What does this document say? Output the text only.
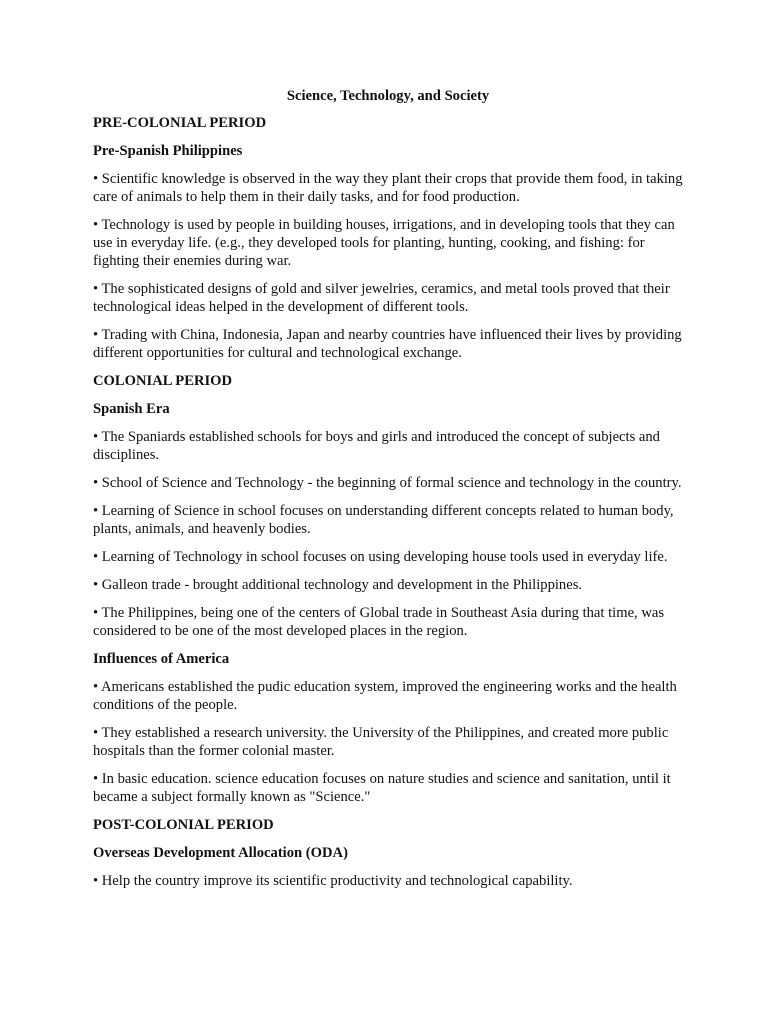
Science, Technology, and Society
PRE-COLONIAL PERIOD
Pre-Spanish Philippines

• Scientific knowledge is observed in the way they plant their crops that provide them food, in taking care of animals to help them in their daily tasks, and for food production.

• Technology is used by people in building houses, irrigations, and in developing tools that they can use in everyday life. (e.g., they developed tools for planting, hunting, cooking, and fishing: for fighting their enemies during war.

• The sophisticated designs of gold and silver jewelries, ceramics, and metal tools proved that their technological ideas helped in the development of different tools.

• Trading with China, Indonesia, Japan and nearby countries have influenced their lives by providing different opportunities for cultural and technological exchange.

COLONIAL PERIOD
Spanish Era

• The Spaniards established schools for boys and girls and introduced the concept of subjects and disciplines.

• School of Science and Technology - the beginning of formal science and technology in the country.

• Learning of Science in school focuses on understanding different concepts related to human body, plants, animals, and heavenly bodies.

• Learning of Technology in school focuses on using developing house tools used in everyday life.

• Galleon trade - brought additional technology and development in the Philippines.

• The Philippines, being one of the centers of Global trade in Southeast Asia during that time, was considered to be one of the most developed places in the region.

Influences of America

• Americans established the pudic education system, improved the engineering works and the health conditions of the people.

• They established a research university. the University of the Philippines, and created more public hospitals than the former colonial master.

• In basic education. science education focuses on nature studies and science and sanitation, until it became a subject formally known as "Science."

POST-COLONIAL PERIOD
Overseas Development Allocation (ODA)

• Help the country improve its scientific productivity and technological capability.
